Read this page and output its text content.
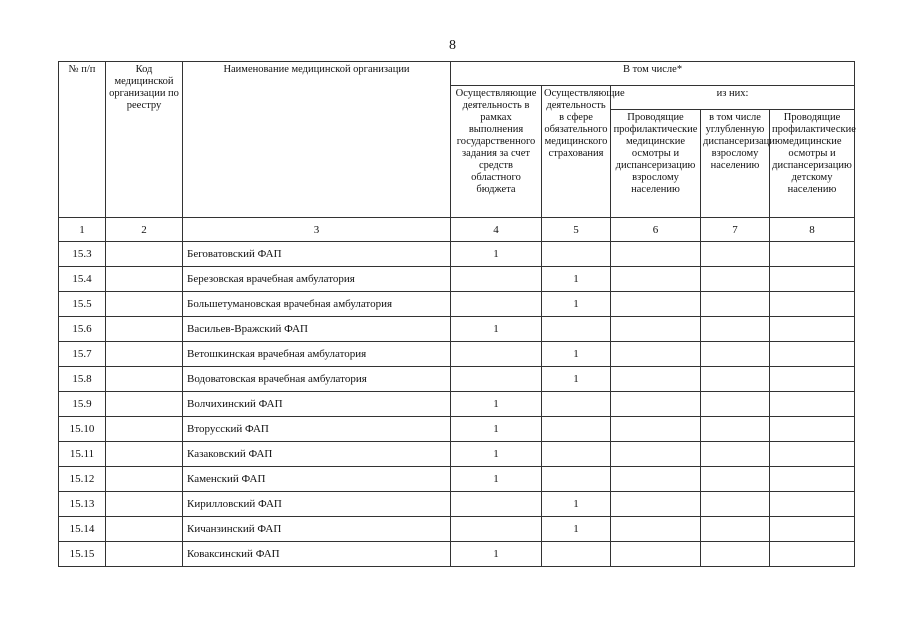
8
№ п/п	Код медицинской организации по реестру	Наименование медицинской организации	В том числе*				
			Осуществляющие деятельность в рамках выполнения государственного задания за счет средств областного бюджета	Осуществляющие деятельность в сфере обязательного медицинского страхования	из них:		
					Проводящие профилактические медицинские осмотры и диспансеризацию взрослому населению	в том числе углубленную диспансеризацию взрослому населению	Проводящие профилактические медицинские осмотры и диспансеризацию детскому населению
1	2	3	4	5	6	7	8
15.3		Беговатовский ФАП	1				
15.4		Березовская врачебная амбулатория		1			
15.5		Большетумановская врачебная амбулатория		1			
15.6		Васильев-Вражский ФАП	1				
15.7		Ветошкинская врачебная амбулатория		1			
15.8		Водоватовская врачебная амбулатория		1			
15.9		Волчихинский ФАП	1				
15.10		Вторусский ФАП	1				
15.11		Казаковский ФАП	1				
15.12		Каменский ФАП	1				
15.13		Кирилловский ФАП		1			
15.14		Кичанзинский ФАП		1			
15.15		Коваксинский ФАП	1				
